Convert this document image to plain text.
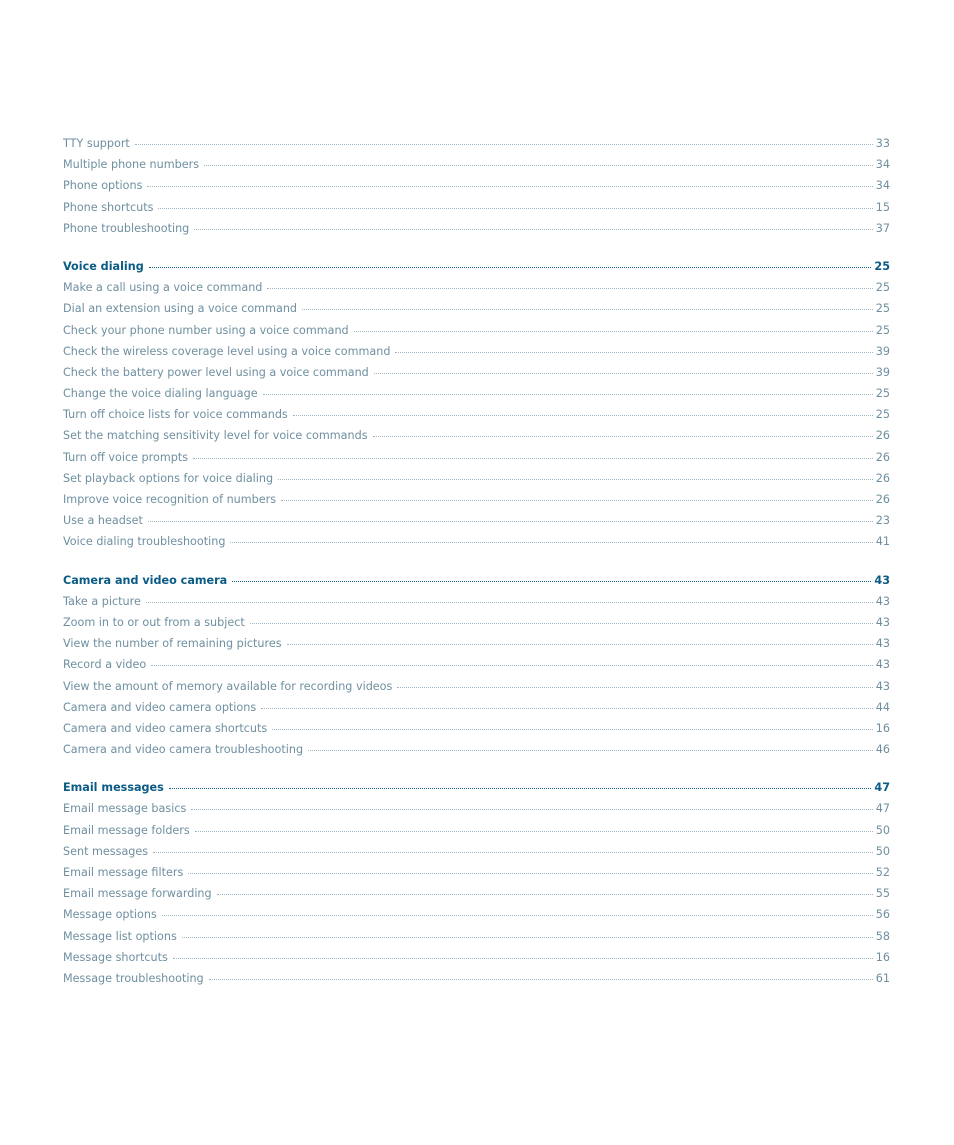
TTY support	33
Multiple phone numbers	34
Phone options	34
Phone shortcuts	15
Phone troubleshooting	37
Voice dialing	25
Make a call using a voice command	25
Dial an extension using a voice command	25
Check your phone number using a voice command	25
Check the wireless coverage level using a voice command	39
Check the battery power level using a voice command	39
Change the voice dialing language	25
Turn off choice lists for voice commands	25
Set the matching sensitivity level for voice commands	26
Turn off voice prompts	26
Set playback options for voice dialing	26
Improve voice recognition of numbers	26
Use a headset	23
Voice dialing troubleshooting	41
Camera and video camera	43
Take a picture	43
Zoom in to or out from a subject	43
View the number of remaining pictures	43
Record a video	43
View the amount of memory available for recording videos	43
Camera and video camera options	44
Camera and video camera shortcuts	16
Camera and video camera troubleshooting	46
Email messages	47
Email message basics	47
Email message folders	50
Sent messages	50
Email message filters	52
Email message forwarding	55
Message options	56
Message list options	58
Message shortcuts	16
Message troubleshooting	61
